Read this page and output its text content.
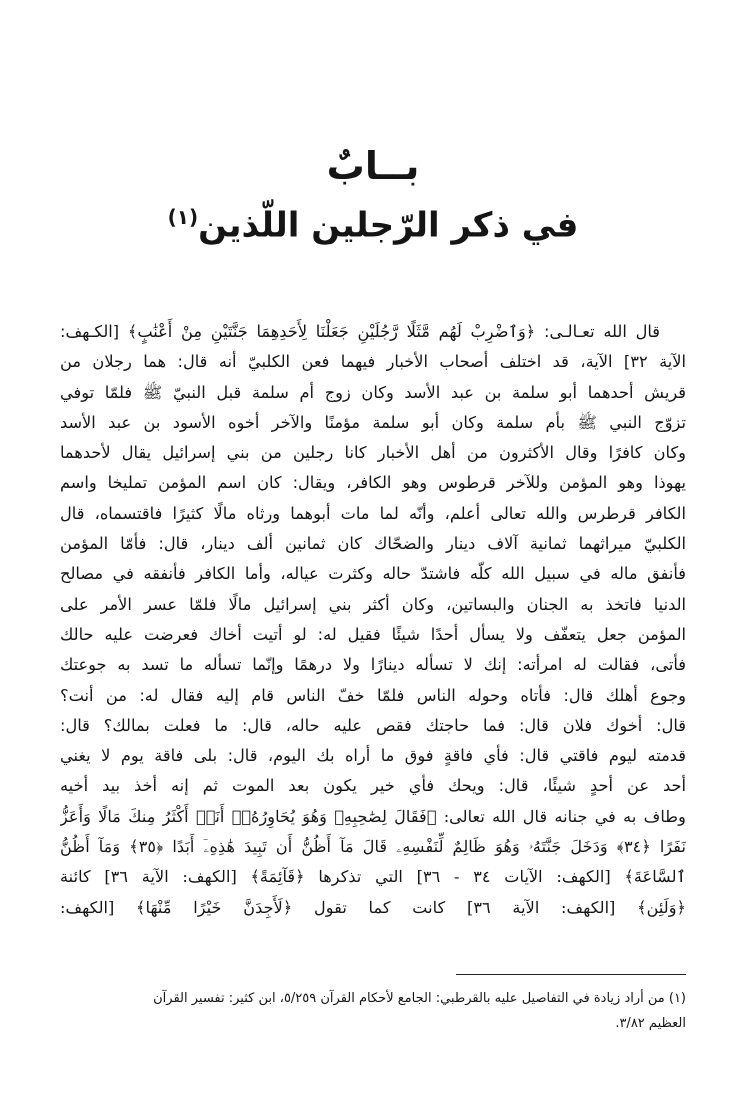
بــابٌ
في ذكر الرّجلين اللّذين$^{(١)}$
قال الله تعـالـى: ﴿وَٱضْرِبْ لَهُم مَّثَلًا رَّجُلَيْنِ جَعَلْنَا لِأَحَدِهِمَا جَنَّتَيْنِ مِنْ أَعْنَٰبٍ﴾ [الكـهف:
الآية ٣٢] الآية، قد اختلف أصحاب الأخبار فيهما فعن الكلبيّ أنه قال: هما رجلان من
قريش أحدهما أبو سلمة بن عبد الأسد وكان زوج أم سلمة قبل النبيّ ﷺ فلمّا توفي
تزوّج النبي ﷺ بأم سلمة وكان أبو سلمة مؤمنًا والآخر أخوه الأسود بن عبد الأسد
وكان كافرًا وقال الأكثرون من أهل الأخبار كانا رجلين من بني إسرائيل يقال لأحدهما
يهوذا وهو المؤمن وللآخر قرطوس وهو الكافر، ويقال: كان اسم المؤمن تمليخا واسم
الكافر قرطرس والله تعالى أعلم، وأنّه لما مات أبوهما ورثاه مالًا كثيرًا فاقتسماه، قال
الكلبيّ ميراثهما ثمانية آلاف دينار والضحّاك كان ثمانين ألف دينار، قال: فأمّا المؤمن
فأنفق ماله في سبيل الله كلّه فاشتدّ حاله وكثرت عياله، وأما الكافر فأنفقه في مصالح
الدنيا فاتخذ به الجنان والبساتين، وكان أكثر بني إسرائيل مالًا فلمّا عسر الأمر على
المؤمن جعل يتعفّف ولا يسأل أحدًا شيئًا فقيل له: لو أتيت أخاك فعرضت عليه حالك
فأتى، فقالت له امرأته: إنك لا تسأله دينارًا ولا درهمًا وإنّما تسأله ما تسد به جوعتك
وجوع أهلك قال: فأتاه وحوله الناس فلمّا خفّ الناس قام إليه فقال له: من أنت؟
قال: أخوك فلان قال: فما حاجتك فقص عليه حاله، قال: ما فعلت بمالك؟ قال:
قدمته ليوم فاقتي قال: فأي فاقةٍ فوق ما أراه بك اليوم، قال: بلى فاقة يوم لا يغني
أحد عن أحدٍ شيئًا، قال: ويحك فأي خير يكون بعد الموت ثم إنه أخذ بيد أخيه
وطاف به في جنانه قال الله تعالى: ﴿فَقَالَ لِصَٰحِبِهِۦ وَهُوَ يُحَاوِرُهُۥٓ أَنَا۠ أَكْثَرُ مِنكَ مَالًا وَأَعَزُّ
نَفَرًا ﴿٣٤﴾ وَدَخَلَ جَنَّتَهُۥ وَهُوَ ظَالِمٌ لِّنَفْسِهِۦ قَالَ مَآ أَظُنُّ أَن تَبِيدَ هَٰذِهِۦٓ أَبَدًا ﴿٣٥﴾ وَمَآ أَظُنُّ
ٱلسَّاعَةَ﴾ [الكهف: الآيات ٣٤ - ٣٦] التي تذكرها ﴿قَآئِمَةً﴾ [الكهف: الآية ٣٦] كائنة
﴿وَلَئِن﴾ [الكهف: الآية ٣٦] كانت كما تقول ﴿لَأَجِدَنَّ خَيْرًا مِّنْهَا﴾ [الكهف:
(١) من أراد زيادة في التفاصيل عليه بالقرطبي: الجامع لأحكام القرآن ٥/٢٥٩، ابن كثير: تفسير القرآن
العظيم ٣/٨٢.
